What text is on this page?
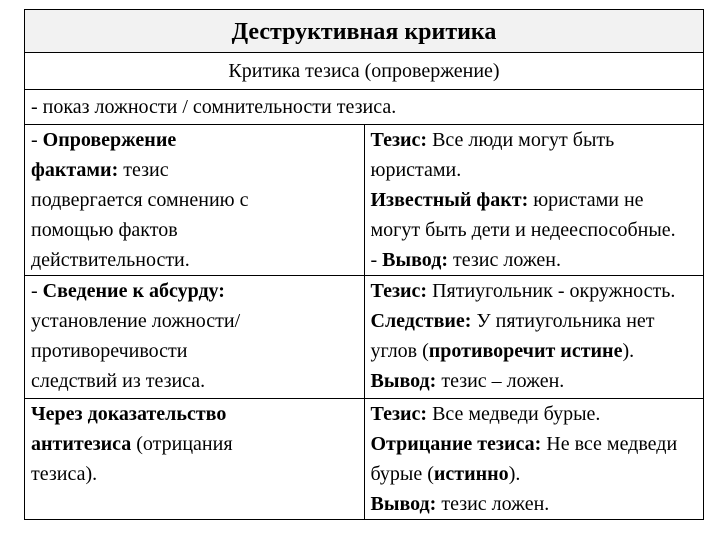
Деструктивная критика	
Критика тезиса (опровержение)	
- показ ложности / сомнительности тезиса.	

- Опровержение
фактами: тезис
подвергается сомнению с
помощью фактов
действительности.	Тезис: Все люди могут быть
юристами.
Известный факт: юристами не
могут быть дети и недееспособные.
- Вывод: тезис ложен.

- Сведение к абсурду:
установление ложности/
противоречивости
следствий из тезиса.	Тезис: Пятиугольник - окружность.
Следствие: У пятиугольника нет
углов (противоречит истине).
Вывод: тезис – ложен.

Через доказательство
антитезиса (отрицания
тезиса).	Тезис: Все медведи бурые.
Отрицание тезиса: Не все медведи
бурые (истинно).
Вывод: тезис ложен.
